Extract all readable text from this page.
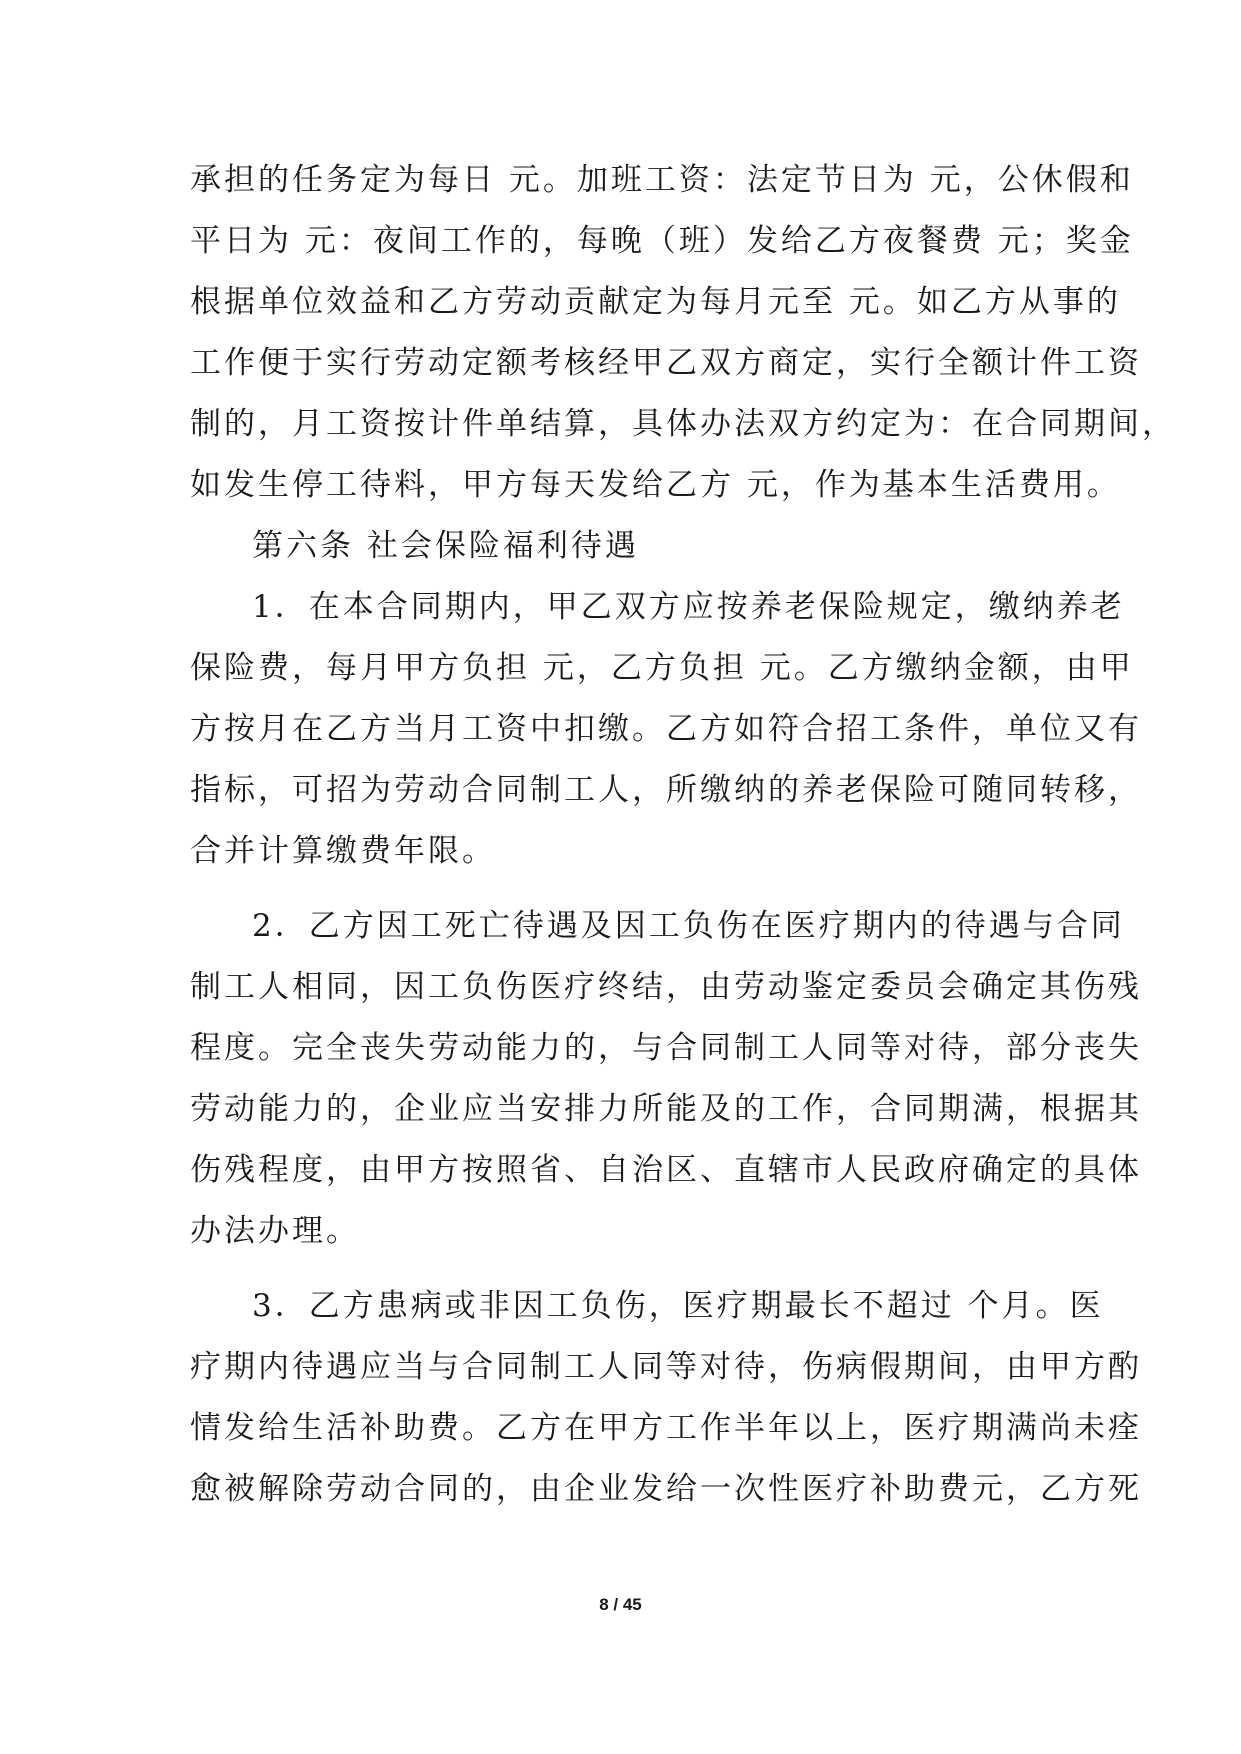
承担的任务定为每日 元。加班工资：法定节日为 元，公休假和
平日为 元：夜间工作的，每晚（班）发给乙方夜餐费 元；奖金
根据单位效益和乙方劳动贡献定为每月元至 元。如乙方从事的
工作便于实行劳动定额考核经甲乙双方商定，实行全额计件工资
制的，月工资按计件单结算，具体办法双方约定为：在合同期间，
如发生停工待料，甲方每天发给乙方 元，作为基本生活费用。
第六条 社会保险福利待遇
1．在本合同期内，甲乙双方应按养老保险规定，缴纳养老
保险费，每月甲方负担 元，乙方负担 元。乙方缴纳金额，由甲
方按月在乙方当月工资中扣缴。乙方如符合招工条件，单位又有
指标，可招为劳动合同制工人，所缴纳的养老保险可随同转移，
合并计算缴费年限。
2．乙方因工死亡待遇及因工负伤在医疗期内的待遇与合同
制工人相同，因工负伤医疗终结，由劳动鉴定委员会确定其伤残
程度。完全丧失劳动能力的，与合同制工人同等对待，部分丧失
劳动能力的，企业应当安排力所能及的工作，合同期满，根据其
伤残程度，由甲方按照省、自治区、直辖市人民政府确定的具体
办法办理。
3．乙方患病或非因工负伤，医疗期最长不超过 个月。医
疗期内待遇应当与合同制工人同等对待，伤病假期间，由甲方酌
情发给生活补助费。乙方在甲方工作半年以上，医疗期满尚未痊
愈被解除劳动合同的，由企业发给一次性医疗补助费元，乙方死
8 / 45
